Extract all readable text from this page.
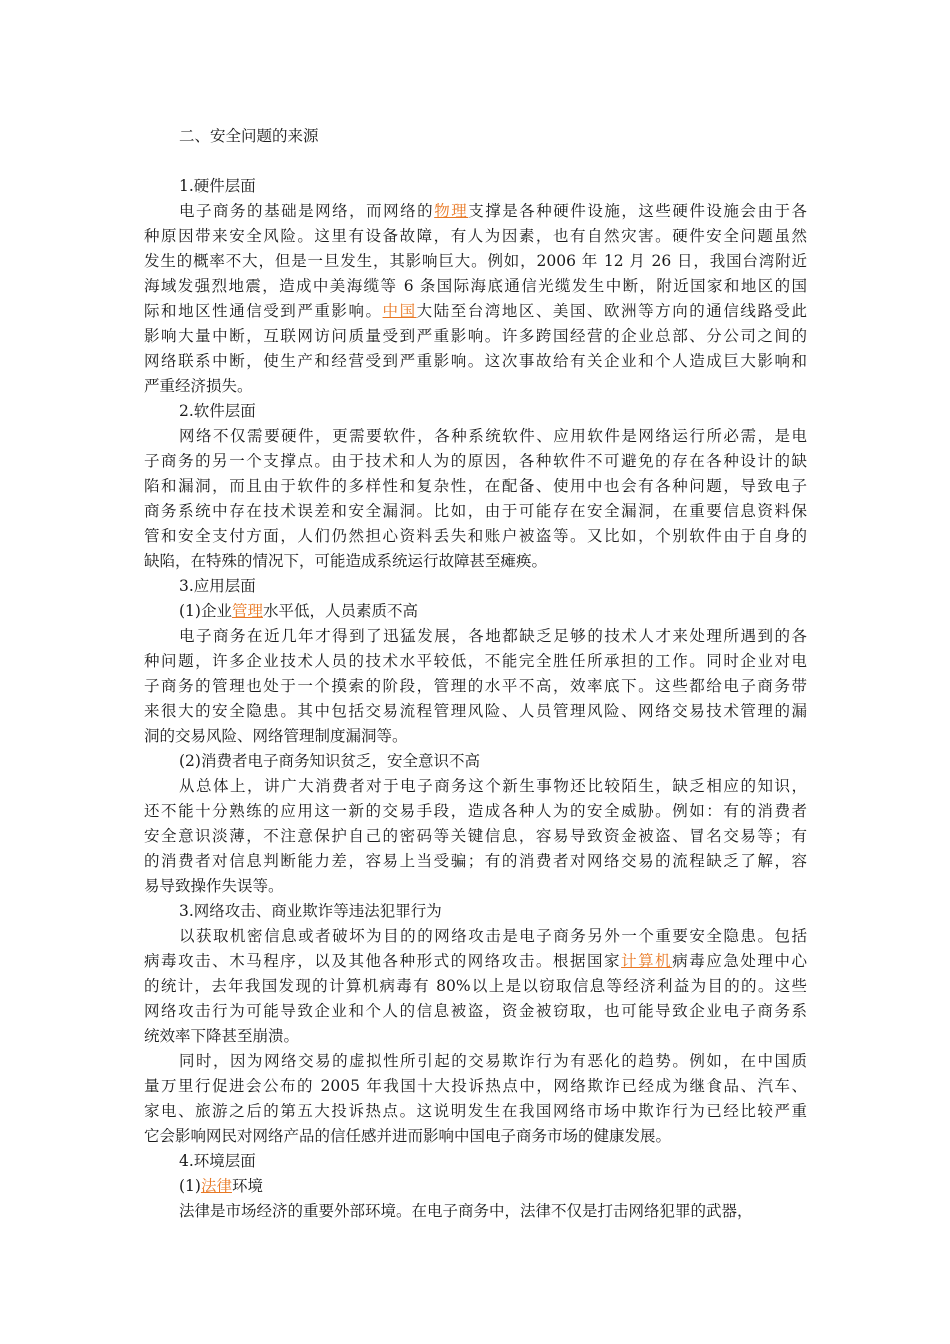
二、安全问题的来源
1.硬件层面
电子商务的基础是网络，而网络的物理支撑是各种硬件设施，这些硬件设施会由于各
种原因带来安全风险。这里有设备故障，有人为因素，也有自然灾害。硬件安全问题虽然
发生的概率不大，但是一旦发生，其影响巨大。例如，2006 年 12 月 26 日，我国台湾附近
海域发强烈地震，造成中美海缆等 6 条国际海底通信光缆发生中断，附近国家和地区的国
际和地区性通信受到严重影响。中国大陆至台湾地区、美国、欧洲等方向的通信线路受此
影响大量中断，互联网访问质量受到严重影响。许多跨国经营的企业总部、分公司之间的
网络联系中断，使生产和经营受到严重影响。这次事故给有关企业和个人造成巨大影响和
严重经济损失。
2.软件层面
网络不仅需要硬件，更需要软件，各种系统软件、应用软件是网络运行所必需，是电
子商务的另一个支撑点。由于技术和人为的原因，各种软件不可避免的存在各种设计的缺
陷和漏洞，而且由于软件的多样性和复杂性，在配备、使用中也会有各种问题，导致电子
商务系统中存在技术误差和安全漏洞。比如，由于可能存在安全漏洞，在重要信息资料保
管和安全支付方面，人们仍然担心资料丢失和账户被盗等。又比如，个别软件由于自身的
缺陷，在特殊的情况下，可能造成系统运行故障甚至瘫痪。
3.应用层面
(1)企业管理水平低，人员素质不高
电子商务在近几年才得到了迅猛发展，各地都缺乏足够的技术人才来处理所遇到的各
种问题，许多企业技术人员的技术水平较低，不能完全胜任所承担的工作。同时企业对电
子商务的管理也处于一个摸索的阶段，管理的水平不高，效率底下。这些都给电子商务带
来很大的安全隐患。其中包括交易流程管理风险、人员管理风险、网络交易技术管理的漏
洞的交易风险、网络管理制度漏洞等。
(2)消费者电子商务知识贫乏，安全意识不高
从总体上，讲广大消费者对于电子商务这个新生事物还比较陌生，缺乏相应的知识，
还不能十分熟练的应用这一新的交易手段，造成各种人为的安全威胁。例如：有的消费者
安全意识淡薄，不注意保护自己的密码等关键信息，容易导致资金被盗、冒名交易等；有
的消费者对信息判断能力差，容易上当受骗；有的消费者对网络交易的流程缺乏了解，容
易导致操作失误等。
3.网络攻击、商业欺诈等违法犯罪行为
以获取机密信息或者破坏为目的的网络攻击是电子商务另外一个重要安全隐患。包括
病毒攻击、木马程序，以及其他各种形式的网络攻击。根据国家计算机病毒应急处理中心
的统计，去年我国发现的计算机病毒有 80%以上是以窃取信息等经济利益为目的的。这些
网络攻击行为可能导致企业和个人的信息被盗，资金被窃取，也可能导致企业电子商务系
统效率下降甚至崩溃。
同时，因为网络交易的虚拟性所引起的交易欺诈行为有恶化的趋势。例如，在中国质
量万里行促进会公布的 2005 年我国十大投诉热点中，网络欺诈已经成为继食品、汽车、
家电、旅游之后的第五大投诉热点。这说明发生在我国网络市场中欺诈行为已经比较严重
它会影响网民对网络产品的信任感并进而影响中国电子商务市场的健康发展。
4.环境层面
(1)法律环境
法律是市场经济的重要外部环境。在电子商务中，法律不仅是打击网络犯罪的武器，
